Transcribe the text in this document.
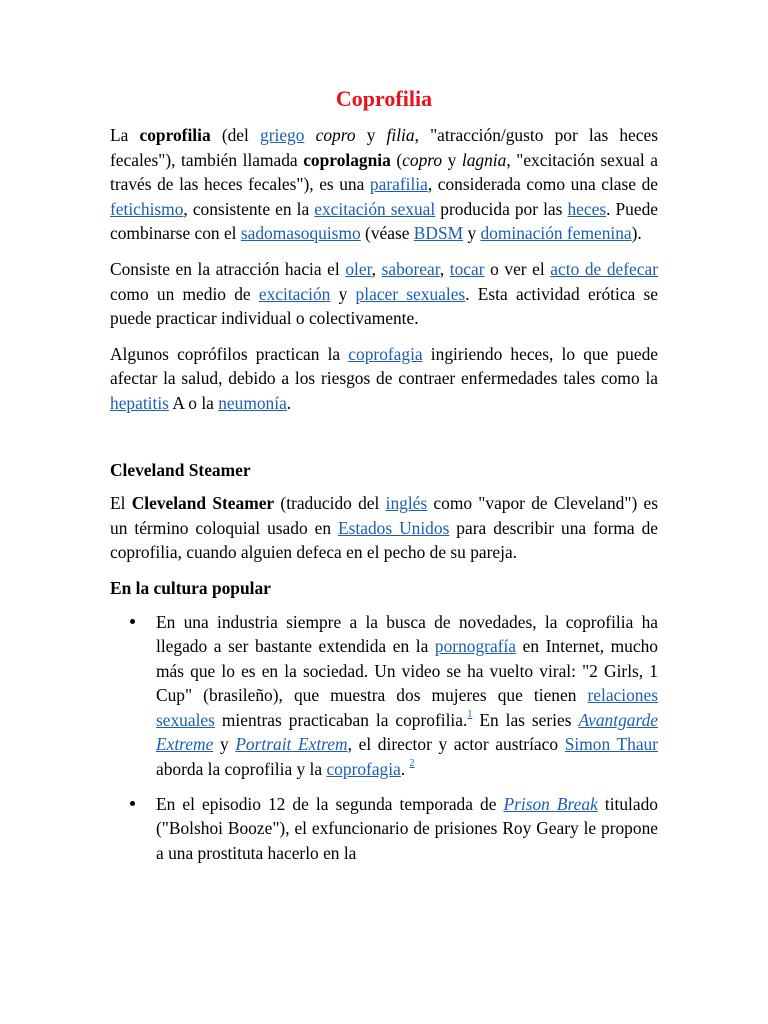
Coprofilia

La coprofilia (del griego copro y filia, "atracción/gusto por las heces fecales"), también llamada coprolagnia (copro y lagnia, "excitación sexual a través de las heces fecales"), es una parafilia, considerada como una clase de fetichismo, consistente en la excitación sexual producida por las heces. Puede combinarse con el sadomasoquismo (véase BDSM y dominación femenina).

Consiste en la atracción hacia el oler, saborear, tocar o ver el acto de defecar como un medio de excitación y placer sexuales. Esta actividad erótica se puede practicar individual o colectivamente.

Algunos coprófilos practican la coprofagia ingiriendo heces, lo que puede afectar la salud, debido a los riesgos de contraer enfermedades tales como la hepatitis A o la neumonía.

Cleveland Steamer

El Cleveland Steamer (traducido del inglés como "vapor de Cleveland") es un término coloquial usado en Estados Unidos para describir una forma de coprofilia, cuando alguien defeca en el pecho de su pareja.

En la cultura popular
En una industria siempre a la busca de novedades, la coprofilia ha llegado a ser bastante extendida en la pornografía en Internet, mucho más que lo es en la sociedad. Un video se ha vuelto viral: "2 Girls, 1 Cup" (brasileño), que muestra dos mujeres que tienen relaciones sexuales mientras practicaban la coprofilia.$^1$ En las series Avantgarde Extreme y Portrait Extrem, el director y actor austríaco Simon Thaur aborda la coprofilia y la coprofagia. $^2$
En el episodio 12 de la segunda temporada de Prison Break titulado ("Bolshoi Booze"), el exfuncionario de prisiones Roy Geary le propone a una prostituta hacerlo en la
